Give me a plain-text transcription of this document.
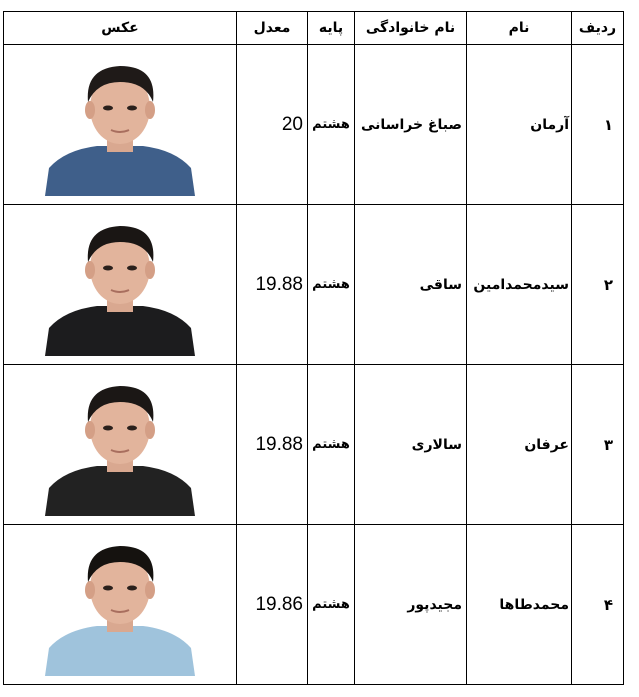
عکس	معدل	پایه	نام خانوادگی	نام	ردیف

	20	هشتم	صباغ خراسانی	آرمان	۱

	19.88	هشتم	ساقی	سیدمحمدامین	۲

	19.88	هشتم	سالاری	عرفان	۳

	19.86	هشتم	مجیدپور	محمدطاها	۴
